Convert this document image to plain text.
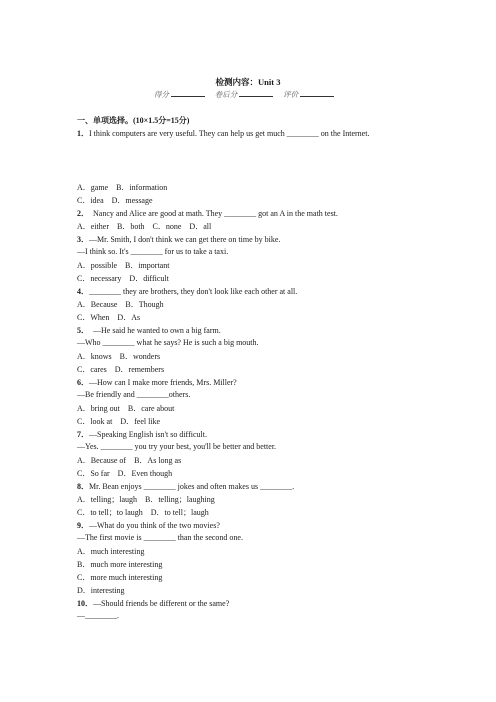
检测内容：Unit 3
得分	卷后分	评价
一、单项选择。(10×1.5分=15分)
1．I think computers are very useful. They can help us get much ________ on the Internet.
A．game　B．information
C．idea　D．message
2．　Nancy and Alice are good at math. They ________ got an A in the math test.
A．either　B．both　C．none　D．all
3．—Mr. Smith, I don't think we can get there on time by bike.
—I think so. It's ________ for us to take a taxi.
A．possible　B．important
C．necessary　D．difficult
4．________ they are brothers, they don't look like each other at all.
A．Because　B．Though
C．When　D．As
5．　—He said he wanted to own a big farm.
—Who ________ what he says? He is such a big mouth.
A．knows　B．wonders
C．cares　D．remembers
6．—How can I make more friends, Mrs. Miller?
—Be friendly and ________others.
A．bring out　B．care about
C．look at　D．feel like
7．—Speaking English isn't so difficult.
—Yes. ________ you try your best, you'll be better and better.
A．Because of　B．As long as
C．So far　D．Even though
8．Mr. Bean enjoys ________ jokes and often makes us ________.
A．telling；laugh　B．telling；laughing
C．to tell；to laugh　D．to tell；laugh
9．—What do you think of the two movies?
—The first movie is ________ than the second one.
A．much interesting
B．much more interesting
C．more much interesting
D．interesting
10．—Should friends be different or the same?
—________.
